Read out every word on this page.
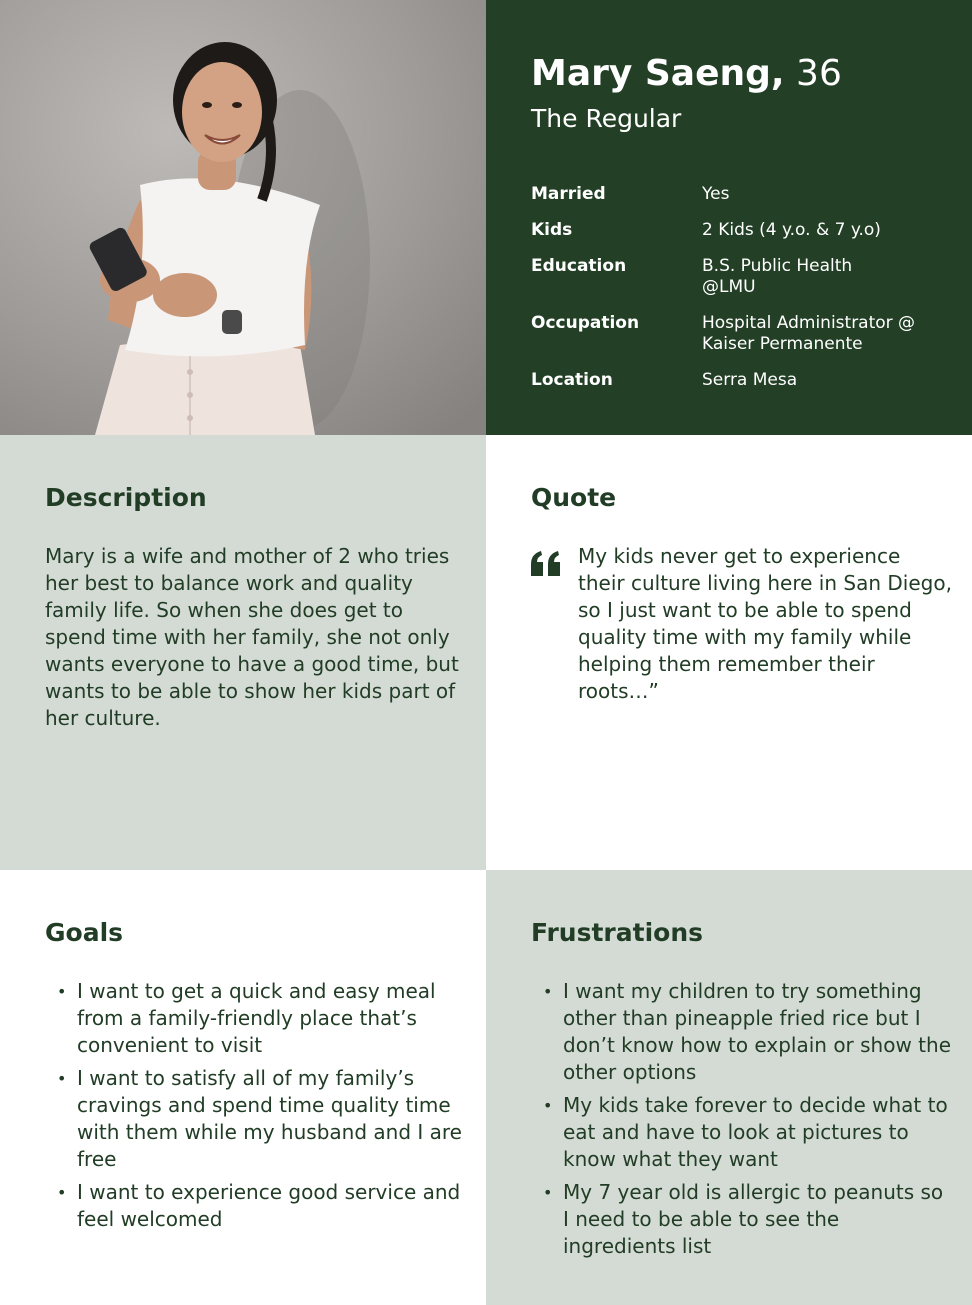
Mary Saeng, 36
The Regular
Married	Yes
Kids	2 Kids (4 y.o. & 7 y.o)
Education	B.S. Public Health @LMU
Occupation	Hospital Administrator @ Kaiser Permanente
Location	Serra Mesa
Description
Mary is a wife and mother of 2 who tries her best to balance work and quality family life. So when she does get to spend time with her family, she not only wants everyone to have a good time, but wants to be able to show her kids part of her culture.
Quote
My kids never get to experience their culture living here in San Diego, so I just want to be able to spend quality time with my family while helping them remember their roots…”
Goals
• I want to get a quick and easy meal from a family-friendly place that’s convenient to visit
• I want to satisfy all of my family’s cravings and spend time quality time with them while my husband and I are free
• I want to experience good service and feel welcomed
Frustrations
• I want my children to try something other than pineapple fried rice but I don’t know how to explain or show the other options
• My kids take forever to decide what to eat and have to look at pictures to know what they want
• My 7 year old is allergic to peanuts so I need to be able to see the ingredients list
